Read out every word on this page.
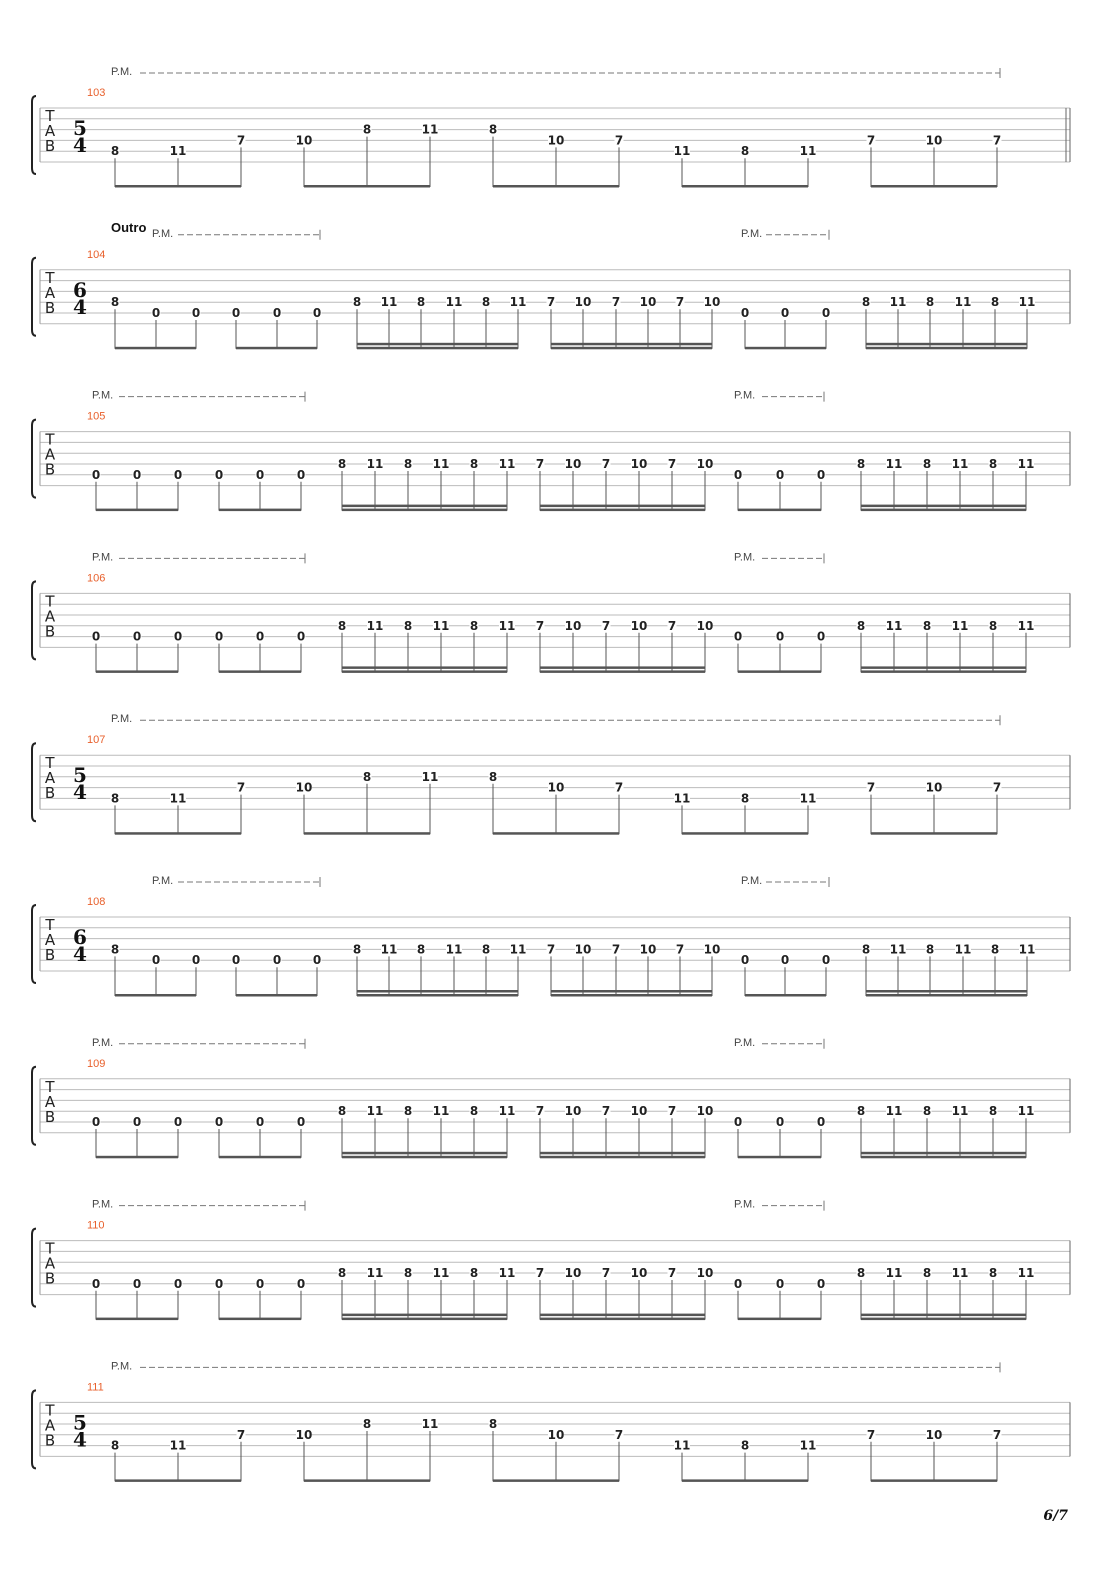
T
A
B
103
5
4
P.M.
8	11
7	10
8	11	8
10	7
11	8	11
7	10	7
T
A
B
104
6
4
Outro P.M.	P.M.
8
0	0	0	0	0
8 11 8 11 8 11 7 10 7 10 7 10
0	0	0
8 11 8 11 8 11
T
A
B
105
P.M.	P.M.
0	0	0	0	0	0
8 11 8 11 8 11 7 10 7 10 7 10
0	0	0
8 11 8 11 8 11
T
A
B
106
P.M.	P.M.
0	0	0	0	0	0
8 11 8 11 8 11 7 10 7 10 7 10
0	0	0
8 11 8 11 8 11
T
A
B
107
5
4
P.M.
8	11
7	10
8	11	8
10	7
11	8	11
7	10	7
T
A
B
108
6
4
P.M.	P.M.
8
0	0	0	0	0
8 11 8 11 8 11 7 10 7 10 7 10
0	0	0
8 11 8 11 8 11
T
A
B
109
P.M.	P.M.
0	0	0	0	0	0
8 11 8 11 8 11 7 10 7 10 7 10
0	0	0
8 11 8 11 8 11
T
A
B
110
P.M.	P.M.
0	0	0	0	0	0
8 11 8 11 8 11 7 10 7 10 7 10
0	0	0
8 11 8 11 8 11
T
A
B
111
5
4
P.M.
8	11
7	10
8	11	8
10	7
11	8	11
7	10	7
6/7
